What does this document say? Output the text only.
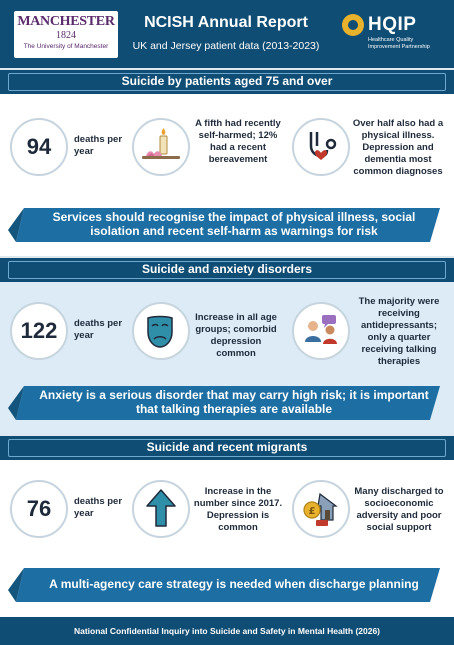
MANCHESTER
1824
The University of Manchester
NCISH Annual Report
UK and Jersey patient data (2013-2023)
HQIP
Healthcare Quality Improvement Partnership
Suicide by patients aged 75 and over
94	deaths per year
A fifth had recently self-harmed; 12% had a recent bereavement
Over half also had a physical illness. Depression and dementia most common diagnoses
Services should recognise the impact of physical illness, social isolation and recent self-harm as warnings for risk
Suicide and anxiety disorders
122	deaths per year
Increase in all age groups; comorbid depression common
The majority were receiving antidepressants; only a quarter receiving talking therapies
Anxiety is a serious disorder that may carry high risk; it is important that talking therapies are available
Suicide and recent migrants
76	deaths per year
Increase in the number since 2017. Depression is common
£
Many discharged to socioeconomic adversity and poor social support
A multi-agency care strategy is needed when discharge planning
National Confidential Inquiry into Suicide and Safety in Mental Health (2026)
